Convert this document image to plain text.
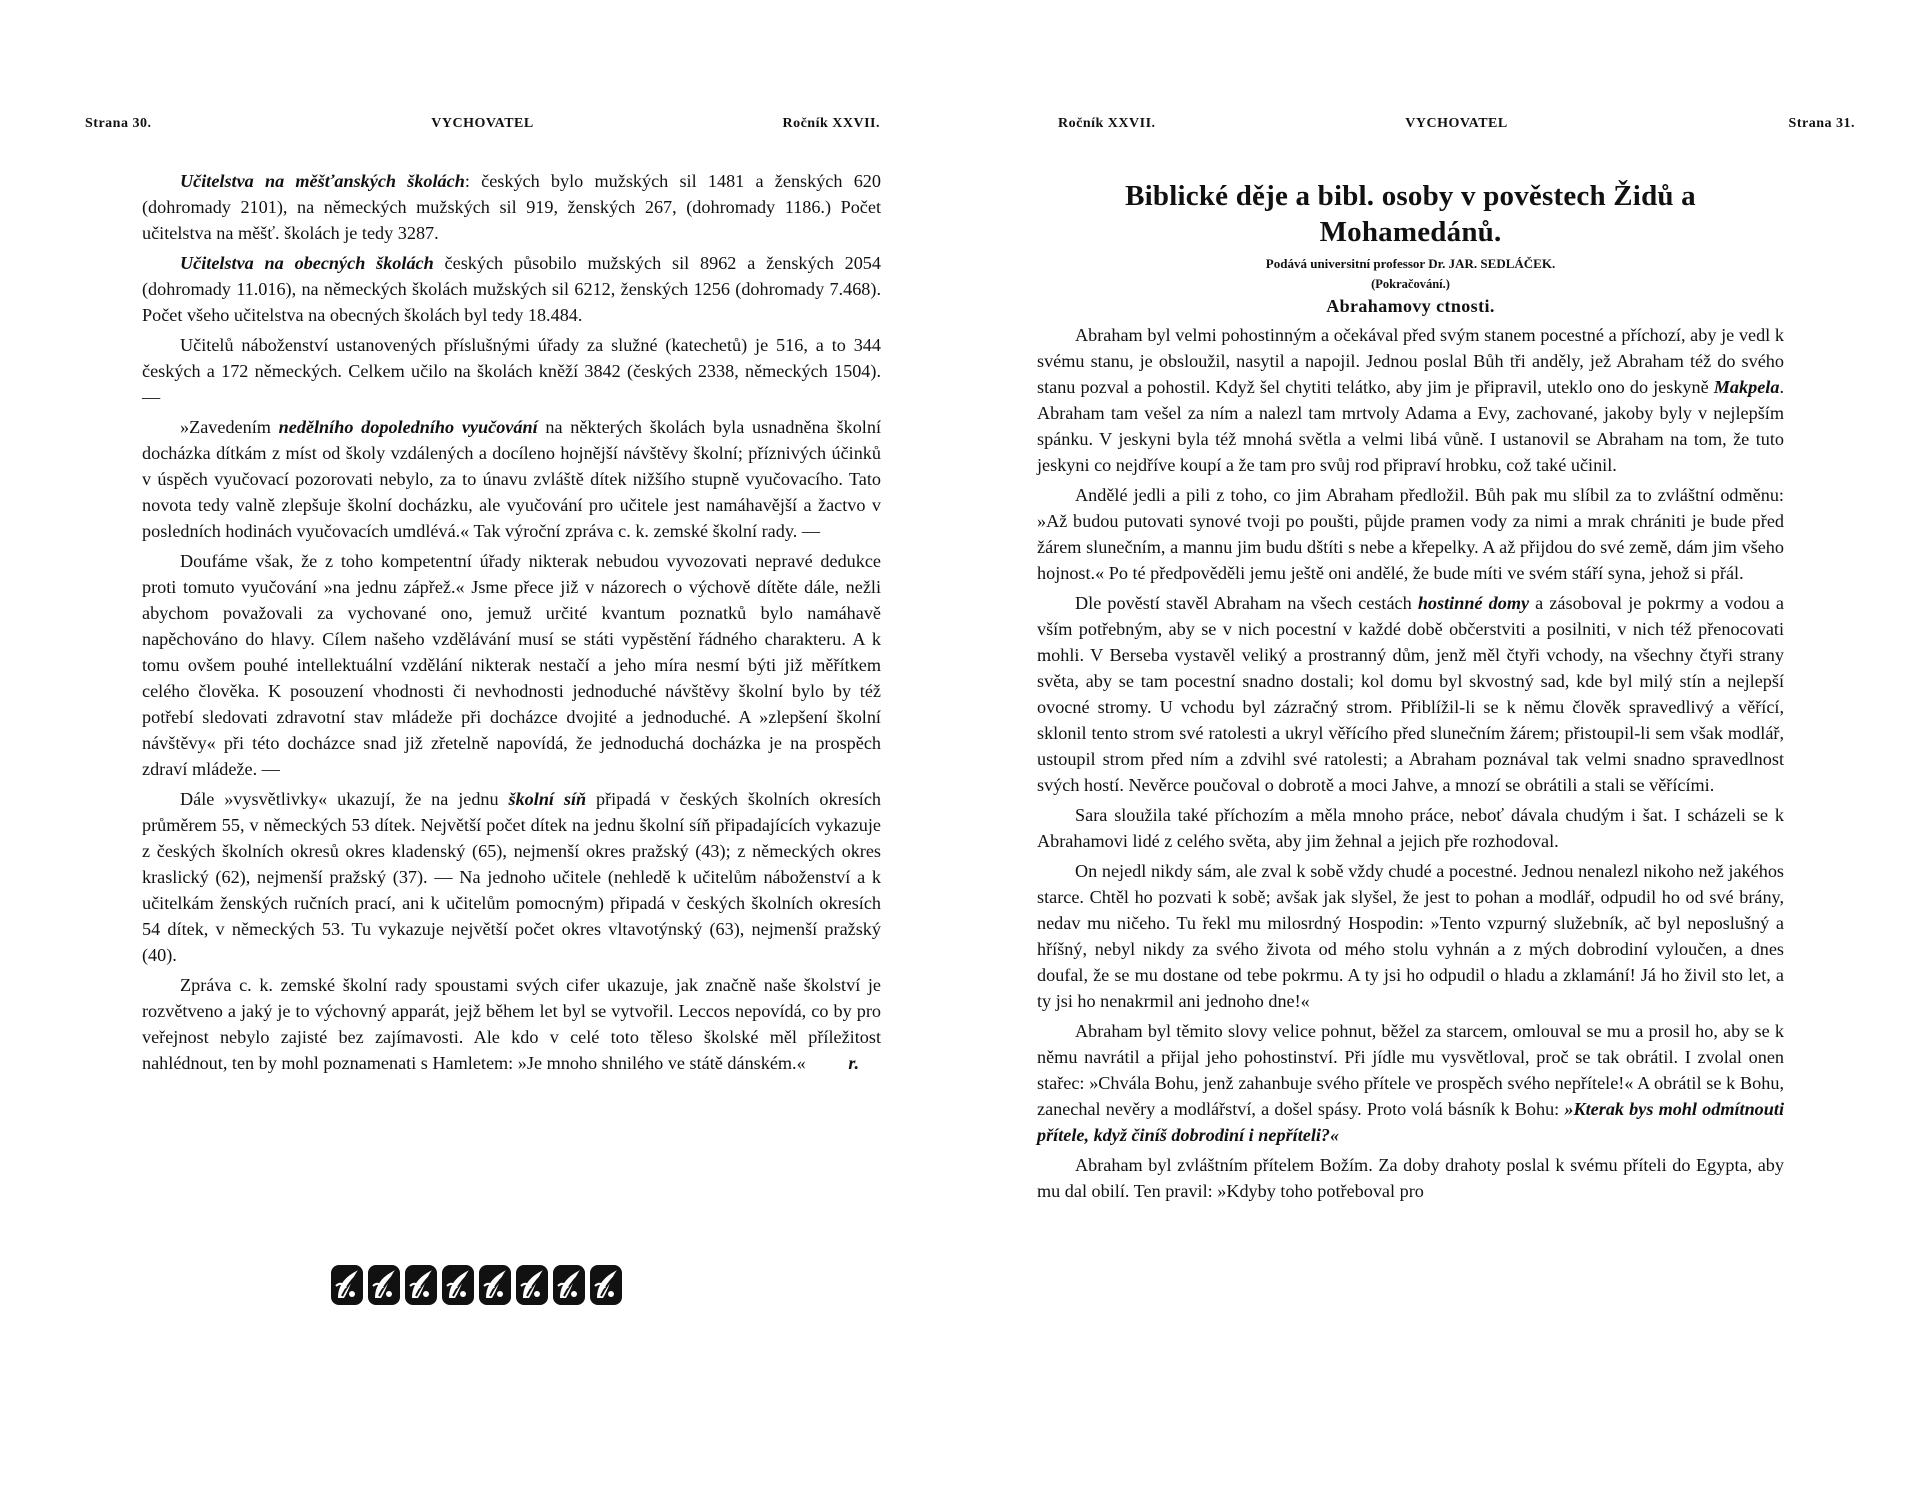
Strana 30.	VYCHOVATEL	Ročník XXVII.

Učitelstva na měšťanských školách: českých bylo mužských sil 1481 a ženských 620 (dohromady 2101), na německých mužských sil 919, ženských 267, (dohromady 1186.) Počet učitelstva na měšť. školách je tedy 3287.

Učitelstva na obecných školách českých působilo mužských sil 8962 a ženských 2054 (dohromady 11.016), na německých školách mužských sil 6212, ženských 1256 (dohromady 7.468). Počet všeho učitelstva na obecných školách byl tedy 18.484.

Učitelů náboženství ustanovených příslušnými úřady za služné (katechetů) je 516, a to 344 českých a 172 německých. Celkem učilo na školách kněží 3842 (českých 2338, německých 1504). —

»Zavedením nedělního dopoledního vyučování na některých školách byla usnadněna školní docházka dítkám z míst od školy vzdálených a docíleno hojnější návštěvy školní; příznivých účinků v úspěch vyučovací pozorovati nebylo, za to únavu zvláště dítek nižšího stupně vyučovacího. Tato novota tedy valně zlepšuje školní docházku, ale vyučování pro učitele jest namáhavější a žactvo v posledních hodinách vyučovacích umdlévá.« Tak výroční zpráva c. k. zemské školní rady. —

Doufáme však, že z toho kompetentní úřady nikterak nebudou vyvozovati nepravé dedukce proti tomuto vyučování »na jednu zápřež.« Jsme přece již v názorech o výchově dítěte dále, nežli abychom považovali za vychované ono, jemuž určité kvantum poznatků bylo namáhavě napěchováno do hlavy. Cílem našeho vzdělávání musí se státi vypěstění řádného charakteru. A k tomu ovšem pouhé intellektuální vzdělání nikterak nestačí a jeho míra nesmí býti již měřítkem celého člověka. K posouzení vhodnosti či nevhodnosti jednoduché návštěvy školní bylo by též potřebí sledovati zdravotní stav mládeže při docházce dvojité a jednoduché. A »zlepšení školní návštěvy« při této docházce snad již zřetelně napovídá, že jednoduchá docházka je na prospěch zdraví mládeže. —

Dále »vysvětlivky« ukazují, že na jednu školní síň připadá v českých školních okresích průměrem 55, v německých 53 dítek. Největší počet dítek na jednu školní síň připadajících vykazuje z českých školních okresů okres kladenský (65), nejmenší okres pražský (43); z německých okres kraslický (62), nejmenší pražský (37). — Na jednoho učitele (nehledě k učitelům náboženství a k učitelkám ženských ručních prací, ani k učitelům pomocným) připadá v českých školních okresích 54 dítek, v německých 53. Tu vykazuje největší počet okres vltavotýnský (63), nejmenší pražský (40).

Zpráva c. k. zemské školní rady spoustami svých cifer ukazuje, jak značně naše školství je rozvětveno a jaký je to výchovný apparát, jejž během let byl se vytvořil. Leccos nepovídá, co by pro veřejnost nebylo zajisté bez zajímavosti. Ale kdo v celé toto těleso školské měl příležitost nahlédnout, ten by mohl poznamenati s Hamletem: »Je mnoho shnilého ve státě dánském.«	r.

Ročník XXVII.	VYCHOVATEL	Strana 31.
Biblické děje a bibl. osoby v pověstech Židů a Mohamedánů.
Podává universitní professor Dr. JAR. SEDLÁČEK.
(Pokračování.)
Abrahamovy ctnosti.

Abraham byl velmi pohostinným a očekával před svým stanem pocestné a příchozí, aby je vedl k svému stanu, je obsloužil, nasytil a napojil. Jednou poslal Bůh tři anděly, jež Abraham též do svého stanu pozval a pohostil. Když šel chytiti telátko, aby jim je připravil, uteklo ono do jeskyně Makpela. Abraham tam vešel za ním a nalezl tam mrtvoly Adama a Evy, zachované, jakoby byly v nejlepším spánku. V jeskyni byla též mnohá světla a velmi libá vůně. I ustanovil se Abraham na tom, že tuto jeskyni co nejdříve koupí a že tam pro svůj rod připraví hrobku, což také učinil.

Andělé jedli a pili z toho, co jim Abraham předložil. Bůh pak mu slíbil za to zvláštní odměnu: »Až budou putovati synové tvoji po poušti, půjde pramen vody za nimi a mrak chrániti je bude před žárem slunečním, a mannu jim budu dštíti s nebe a křepelky. A až přijdou do své země, dám jim všeho hojnost.« Po té předpověděli jemu ještě oni andělé, že bude míti ve svém stáří syna, jehož si přál.

Dle pověstí stavěl Abraham na všech cestách hostinné domy a zásoboval je pokrmy a vodou a vším potřebným, aby se v nich pocestní v každé době občerstviti a posilniti, v nich též přenocovati mohli. V Berseba vystavěl veliký a prostranný dům, jenž měl čtyři vchody, na všechny čtyři strany světa, aby se tam pocestní snadno dostali; kol domu byl skvostný sad, kde byl milý stín a nejlepší ovocné stromy. U vchodu byl zázračný strom. Přiblížil-li se k němu člověk spravedlivý a věřící, sklonil tento strom své ratolesti a ukryl věřícího před slunečním žárem; přistoupil-li sem však modlář, ustoupil strom před ním a zdvihl své ratolesti; a Abraham poznával tak velmi snadno spravedlnost svých hostí. Nevěrce poučoval o dobrotě a moci Jahve, a mnozí se obrátili a stali se věřícími.

Sara sloužila také příchozím a měla mnoho práce, neboť dávala chudým i šat. I scházeli se k Abrahamovi lidé z celého světa, aby jim žehnal a jejich pře rozhodoval.

On nejedl nikdy sám, ale zval k sobě vždy chudé a pocestné. Jednou nenalezl nikoho než jakéhos starce. Chtěl ho pozvati k sobě; avšak jak slyšel, že jest to pohan a modlář, odpudil ho od své brány, nedav mu ničeho. Tu řekl mu milosrdný Hospodin: »Tento vzpurný služebník, ač byl neposlušný a hříšný, nebyl nikdy za svého života od mého stolu vyhnán a z mých dobrodiní vyloučen, a dnes doufal, že se mu dostane od tebe pokrmu. A ty jsi ho odpudil o hladu a zklamání! Já ho živil sto let, a ty jsi ho nenakrmil ani jednoho dne!«

Abraham byl těmito slovy velice pohnut, běžel za starcem, omlouval se mu a prosil ho, aby se k němu navrátil a přijal jeho pohostinství. Při jídle mu vysvětloval, proč se tak obrátil. I zvolal onen stařec: »Chvála Bohu, jenž zahanbuje svého přítele ve prospěch svého nepřítele!« A obrátil se k Bohu, zanechal nevěry a modlářství, a došel spásy. Proto volá básník k Bohu: »Kterak bys mohl odmítnouti přítele, když činíš dobrodiní i nepříteli?«

Abraham byl zvláštním přítelem Božím. Za doby drahoty poslal k svému příteli do Egypta, aby mu dal obilí. Ten pravil: »Kdyby toho potřeboval pro
